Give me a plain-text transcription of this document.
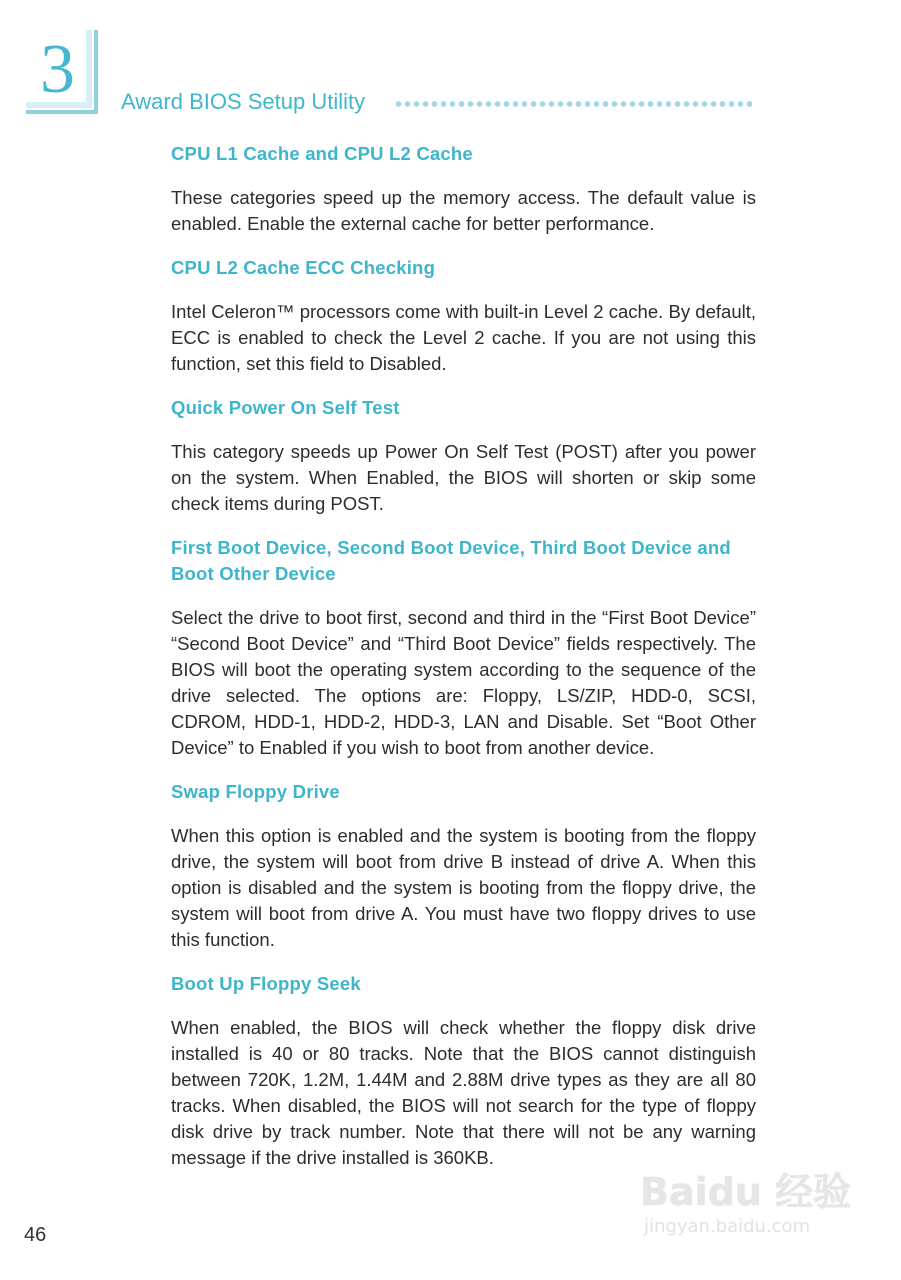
3 Award BIOS Setup Utility
CPU L1 Cache and CPU L2 Cache

These categories speed up the memory access. The default value is enabled. Enable the external cache for better performance.

CPU L2 Cache ECC Checking

Intel Celeron™ processors come with built-in Level 2 cache. By default, ECC is enabled to check the Level 2 cache. If you are not using this function, set this field to Disabled.

Quick Power On Self Test

This category speeds up Power On Self Test (POST) after you power on the system. When Enabled, the BIOS will shorten or skip some check items during POST.

First Boot Device, Second Boot Device, Third Boot Device and Boot Other Device

Select the drive to boot first, second and third in the “First Boot Device” “Second Boot Device” and “Third Boot Device” fields respectively. The BIOS will boot the operating system according to the sequence of the drive selected. The options are: Floppy, LS/ZIP, HDD-0, SCSI, CDROM, HDD-1, HDD-2, HDD-3, LAN and Disable. Set “Boot Other Device” to Enabled if you wish to boot from another device.

Swap Floppy Drive

When this option is enabled and the system is booting from the floppy drive, the system will boot from drive B instead of drive A. When this option is disabled and the system is booting from the floppy drive, the system will boot from drive A. You must have two floppy drives to use this function.

Boot Up Floppy Seek

When enabled, the BIOS will check whether the floppy disk drive installed is 40 or 80 tracks. Note that the BIOS cannot distinguish between 720K, 1.2M, 1.44M and 2.88M drive types as they are all 80 tracks. When disabled, the BIOS will not search for the type of floppy disk drive by track number. Note that there will not be any warning message if the drive installed is 360KB.

46
Baidu 经验
jingyan.baidu.com
